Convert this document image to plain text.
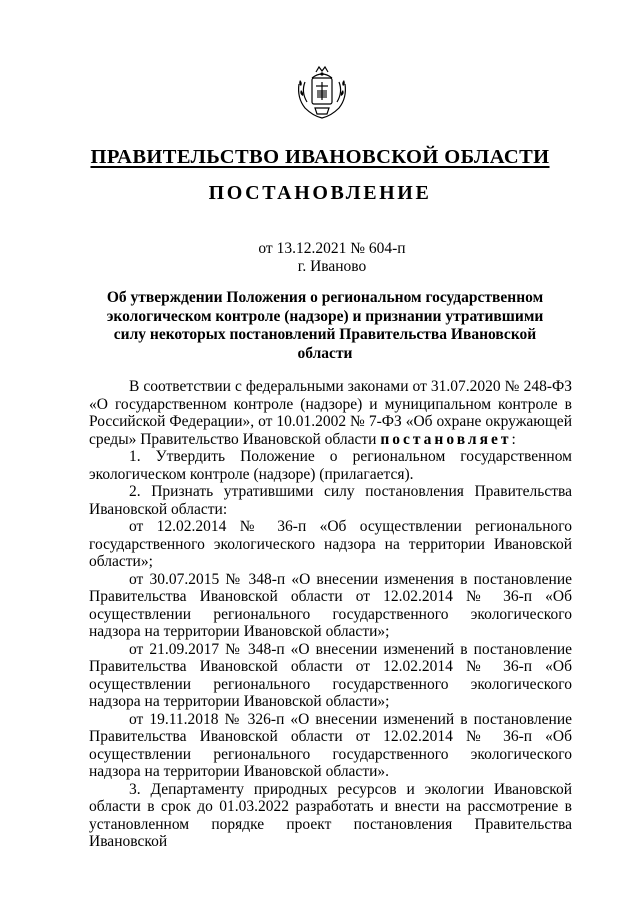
ПРАВИТЕЛЬСТВО ИВАНОВСКОЙ ОБЛАСТИ
ПОСТАНОВЛЕНИЕ
от 13.12.2021 № 604-п
г. Иваново
Об утверждении Положения о региональном государственном экологическом контроле (надзоре) и признании утратившими силу некоторых постановлений Правительства Ивановской области

В соответствии с федеральными законами от 31.07.2020 № 248-ФЗ «О государственном контроле (надзоре) и муниципальном контроле в Российской Федерации», от 10.01.2002 № 7-ФЗ «Об охране окружающей среды» Правительство Ивановской области постановляет:

1. Утвердить Положение о региональном государственном экологическом контроле (надзоре) (прилагается).

2. Признать утратившими силу постановления Правительства Ивановской области:

от 12.02.2014 № 36-п «Об осуществлении регионального государственного экологического надзора на территории Ивановской области»;

от 30.07.2015 № 348-п «О внесении изменения в постановление Правительства Ивановской области от 12.02.2014 № 36-п «Об осуществлении регионального государственного экологического надзора на территории Ивановской области»;

от 21.09.2017 № 348-п «О внесении изменений в постановление Правительства Ивановской области от 12.02.2014 № 36-п «Об осуществлении регионального государственного экологического надзора на территории Ивановской области»;

от 19.11.2018 № 326-п «О внесении изменений в постановление Правительства Ивановской области от 12.02.2014 № 36-п «Об осуществлении регионального государственного экологического надзора на территории Ивановской области».

3. Департаменту природных ресурсов и экологии Ивановской области в срок до 01.03.2022 разработать и внести на рассмотрение в установленном порядке проект постановления Правительства Ивановской
